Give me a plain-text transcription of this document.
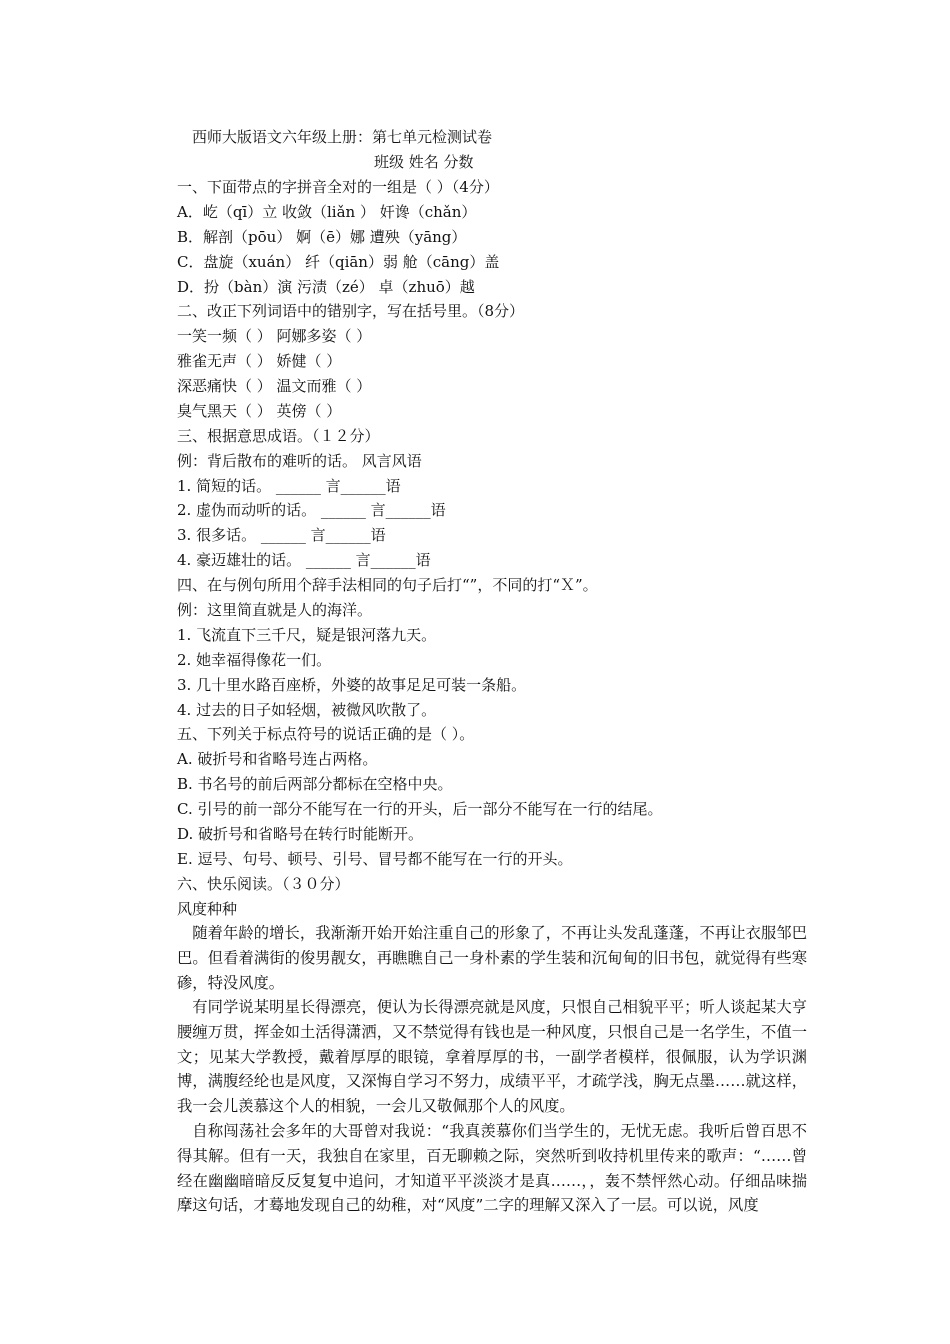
西师大版语文六年级上册：第七单元检测试卷
班级 姓名 分数
一、下面带点的字拼音全对的一组是（ ）（4分）
A．屹（qī）立 收敛（liǎn ） 奸谗（chǎn）
B．解剖（pōu） 婀（ē）娜 遭殃（yāng）
C．盘旋（xuán） 纤（qiān）弱 舱（cāng）盖
D．扮（bàn）演 污渍（zé） 卓（zhuō）越
二、改正下列词语中的错别字，写在括号里。（8分）
一笑一频（ ） 阿娜多姿（ ）
雅雀无声（ ） 娇健（ ）
深恶痛快（ ） 温文而雅（ ）
臭气黑天（ ） 英傍（ ）
三、根据意思成语。（１２分）
例：背后散布的难听的话。 风言风语
1. 简短的话。 ______ 言______语
2. 虚伪而动听的话。 ______ 言______语
3. 很多话。 ______ 言______语
4. 豪迈雄壮的话。 ______ 言______语
四、在与例句所用个辞手法相同的句子后打“”，不同的打“Ｘ”。
例：这里简直就是人的海洋。
1. 飞流直下三千尺，疑是银河落九天。
2. 她幸福得像花一们。
3. 几十里水路百座桥，外婆的故事足足可装一条船。
4. 过去的日子如轻烟，被微风吹散了。
五、下列关于标点符号的说话正确的是（ ）。
A. 破折号和省略号连占两格。
B. 书名号的前后两部分都标在空格中央。
C. 引号的前一部分不能写在一行的开头，后一部分不能写在一行的结尾。
D. 破折号和省略号在转行时能断开。
E. 逗号、句号、顿号、引号、冒号都不能写在一行的开头。
六、快乐阅读。（３０分）
风度种种

随着年龄的增长，我渐渐开始开始注重自己的形象了，不再让头发乱蓬蓬，不再让衣服邹巴巴。但看着满街的俊男靓女，再瞧瞧自己一身朴素的学生装和沉甸甸的旧书包，就觉得有些寒碜，特没风度。

有同学说某明星长得漂亮，便认为长得漂亮就是风度，只恨自己相貌平平；听人谈起某大亨腰缠万贯，挥金如土活得潇洒，又不禁觉得有钱也是一种风度，只恨自己是一名学生，不值一文；见某大学教授，戴着厚厚的眼镜，拿着厚厚的书，一副学者模样，很佩服，认为学识渊博，满腹经纶也是风度，又深悔自学习不努力，成绩平平，才疏学浅，胸无点墨……就这样，我一会儿羡慕这个人的相貌，一会儿又敬佩那个人的风度。

自称闯荡社会多年的大哥曾对我说：“我真羡慕你们当学生的，无忧无虑。我听后曾百思不得其解。但有一天，我独自在家里，百无聊赖之际，突然听到收持机里传来的歌声：“……曾经在幽幽暗暗反反复复中追问，才知道平平淡淡才是真……，，轰不禁怦然心动。仔细品味揣摩这句话，才蓦地发现自己的幼稚，对“风度”二字的理解又深入了一层。可以说，风度
